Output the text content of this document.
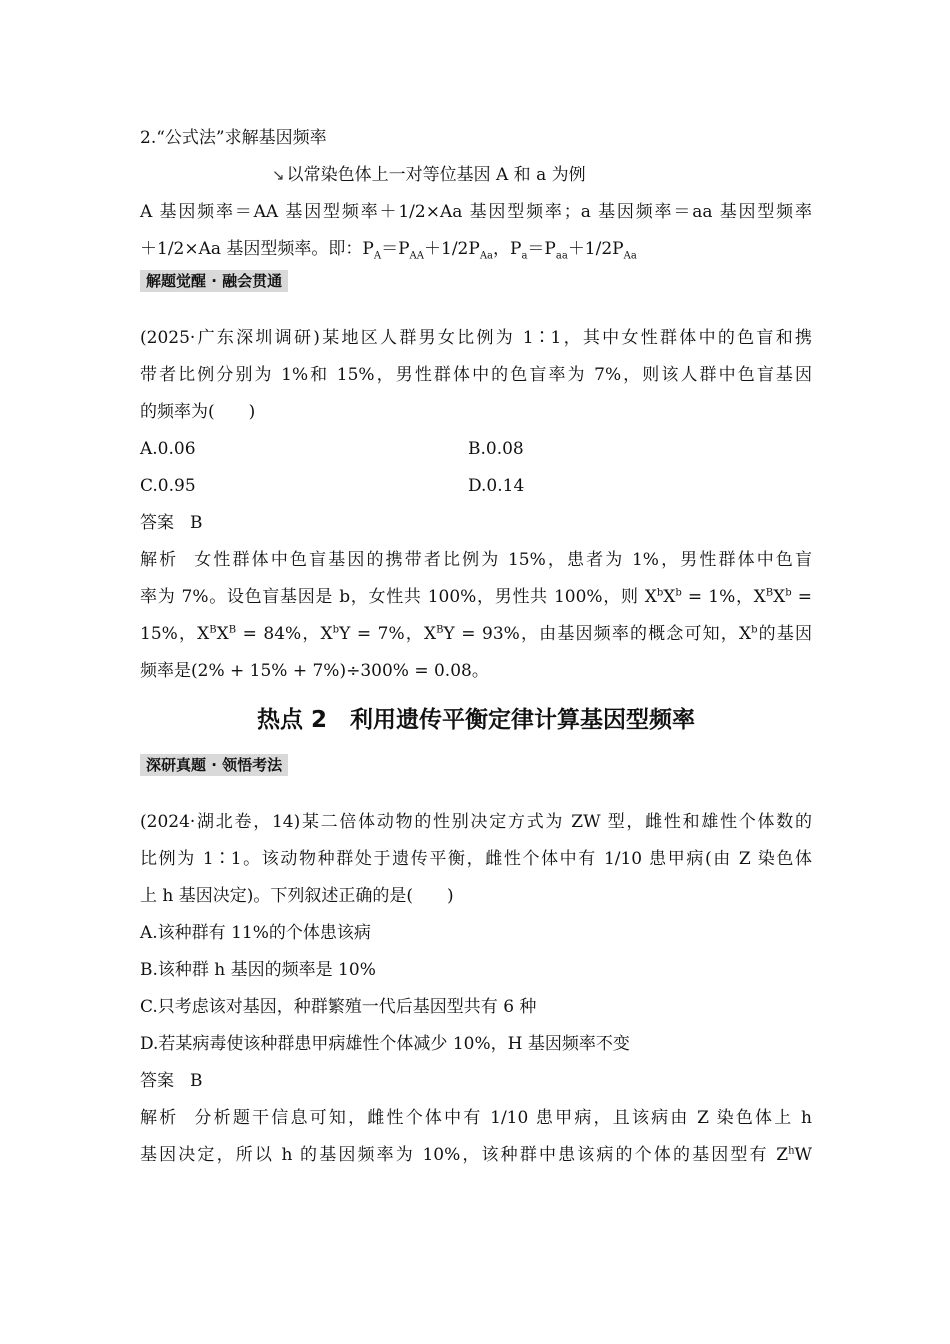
2.“公式法”求解基因频率
↘ 以常染色体上一对等位基因 A 和 a 为例
A 基因频率＝AA 基因型频率＋1/2×Aa 基因型频率；a 基因频率＝aa 基因型频率
＋1/2×Aa 基因型频率。即：$P_A=P_{AA}+1/2P_{Aa}$，$P_a=P_{aa}+1/2P_{Aa}$
解题觉醒 · 融会贯通
(2025·广东深圳调研)某地区人群男女比例为 1∶1，其中女性群体中的色盲和携
带者比例分别为 1%和 15%，男性群体中的色盲率为 7%，则该人群中色盲基因
的频率为(　　)
A.0.06	B.0.08
C.0.95	D.0.14
答案 B
解析 女性群体中色盲基因的携带者比例为 15%，患者为 1%，男性群体中色盲
率为 7%。设色盲基因是 b，女性共 100%，男性共 100%，则 $X^bX^b = 1\%$，$X^BX^b$ =
15%，$X^BX^B = 84\%$，$X^bY = 7\%$，$X^BY = 93\%$，由基因频率的概念可知，$X^b$的基因
频率是(2% + 15% + 7%)÷300% = 0.08。
热点 2　利用遗传平衡定律计算基因型频率
深研真题 · 领悟考法
(2024·湖北卷，14)某二倍体动物的性别决定方式为 ZW 型，雌性和雄性个体数的
比例为 1∶1。该动物种群处于遗传平衡，雌性个体中有 1/10 患甲病(由 Z 染色体
上 h 基因决定)。下列叙述正确的是(　　)
A.该种群有 11%的个体患该病
B.该种群 h 基因的频率是 10%
C.只考虑该对基因，种群繁殖一代后基因型共有 6 种
D.若某病毒使该种群患甲病雄性个体减少 10%，H 基因频率不变
答案 B
解析 分析题干信息可知，雌性个体中有 1/10 患甲病，且该病由 Z 染色体上 h
基因决定，所以 h 的基因频率为 10%，该种群中患该病的个体的基因型有 $Z^hW$
